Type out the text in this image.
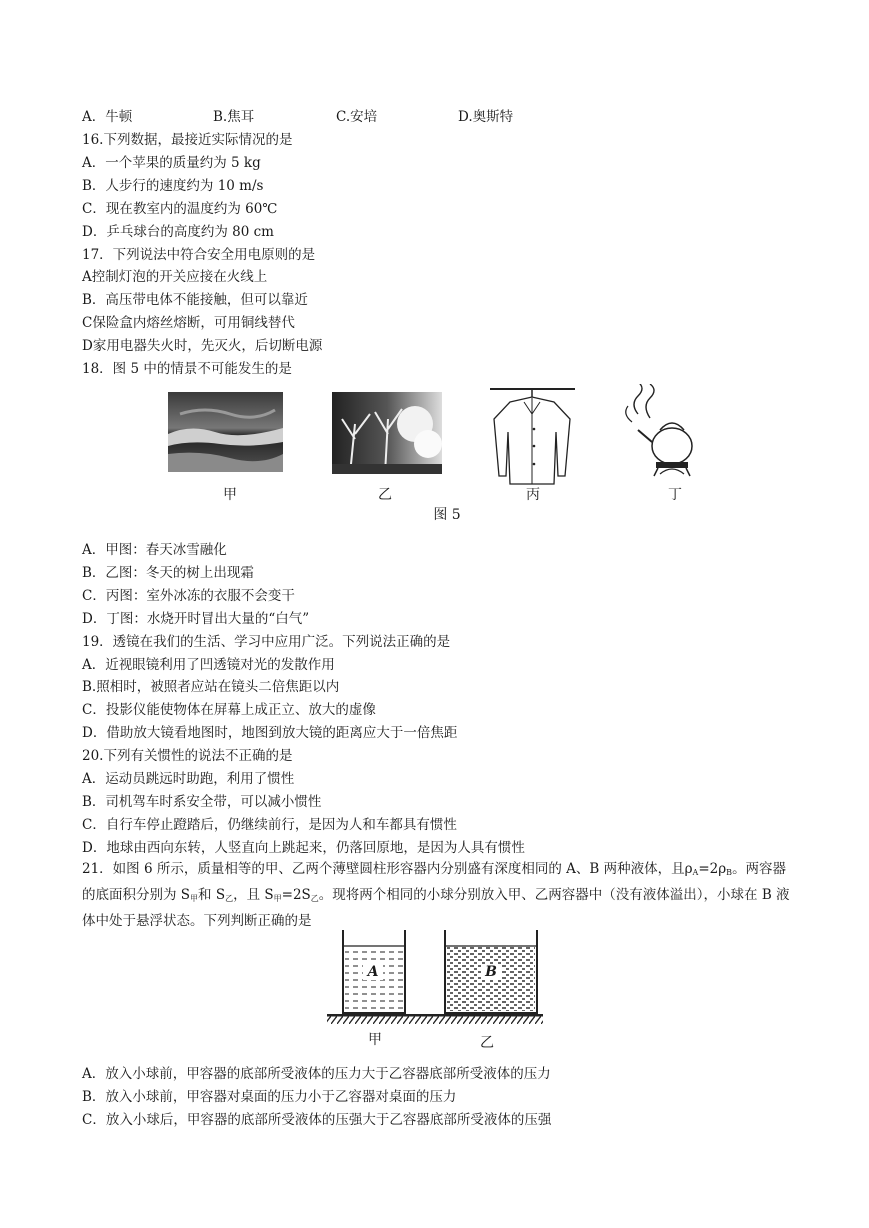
A．牛顿	B.焦耳	C.安培	D.奥斯特
16.下列数据，最接近实际情况的是
A．一个苹果的质量约为 5 kg
B．人步行的速度约为 10 m/s
C．现在教室内的温度约为 60℃
D．乒乓球台的高度约为 80 cm
17．下列说法中符合安全用电原则的是
A控制灯泡的开关应接在火线上
B．高压带电体不能接触，但可以靠近
C保险盒内熔丝熔断，可用铜线替代
D家用电器失火时，先灭火，后切断电源
18．图 5 中的情景不可能发生的是
甲	乙	丙	丁
图 5
A．甲图：春天冰雪融化
B．乙图：冬天的树上出现霜
C．丙图：室外冰冻的衣服不会变干
D．丁图：水烧开时冒出大量的“白气”
19．透镜在我们的生活、学习中应用广泛。下列说法正确的是
A．近视眼镜利用了凹透镜对光的发散作用
B.照相时，被照者应站在镜头二倍焦距以内
C．投影仪能使物体在屏幕上成正立、放大的虚像
D．借助放大镜看地图时，地图到放大镜的距离应大于一倍焦距
20.下列有关惯性的说法不正确的是
A．运动员跳远时助跑，利用了惯性
B．司机驾车时系安全带，可以减小惯性
C．自行车停止蹬踏后，仍继续前行，是因为人和车都具有惯性
D．地球由西向东转，人竖直向上跳起来，仍落回原地，是因为人具有惯性
21．如图 6 所示，质量相等的甲、乙两个薄壁圆柱形容器内分别盛有深度相同的 A、B 两种液体，且$\rho_A=2\rho_B$。两容器的底面积分别为 $S_甲$和 $S_乙$，且 $S_甲=2S_乙$。现将两个相同的小球分别放入甲、乙两容器中（没有液体溢出），小球在 B 液体中处于悬浮状态。下列判断正确的是
A	B
甲	乙
A．放入小球前，甲容器的底部所受液体的压力大于乙容器底部所受液体的压力
B．放入小球前，甲容器对桌面的压力小于乙容器对桌面的压力
C．放入小球后，甲容器的底部所受液体的压强大于乙容器底部所受液体的压强
